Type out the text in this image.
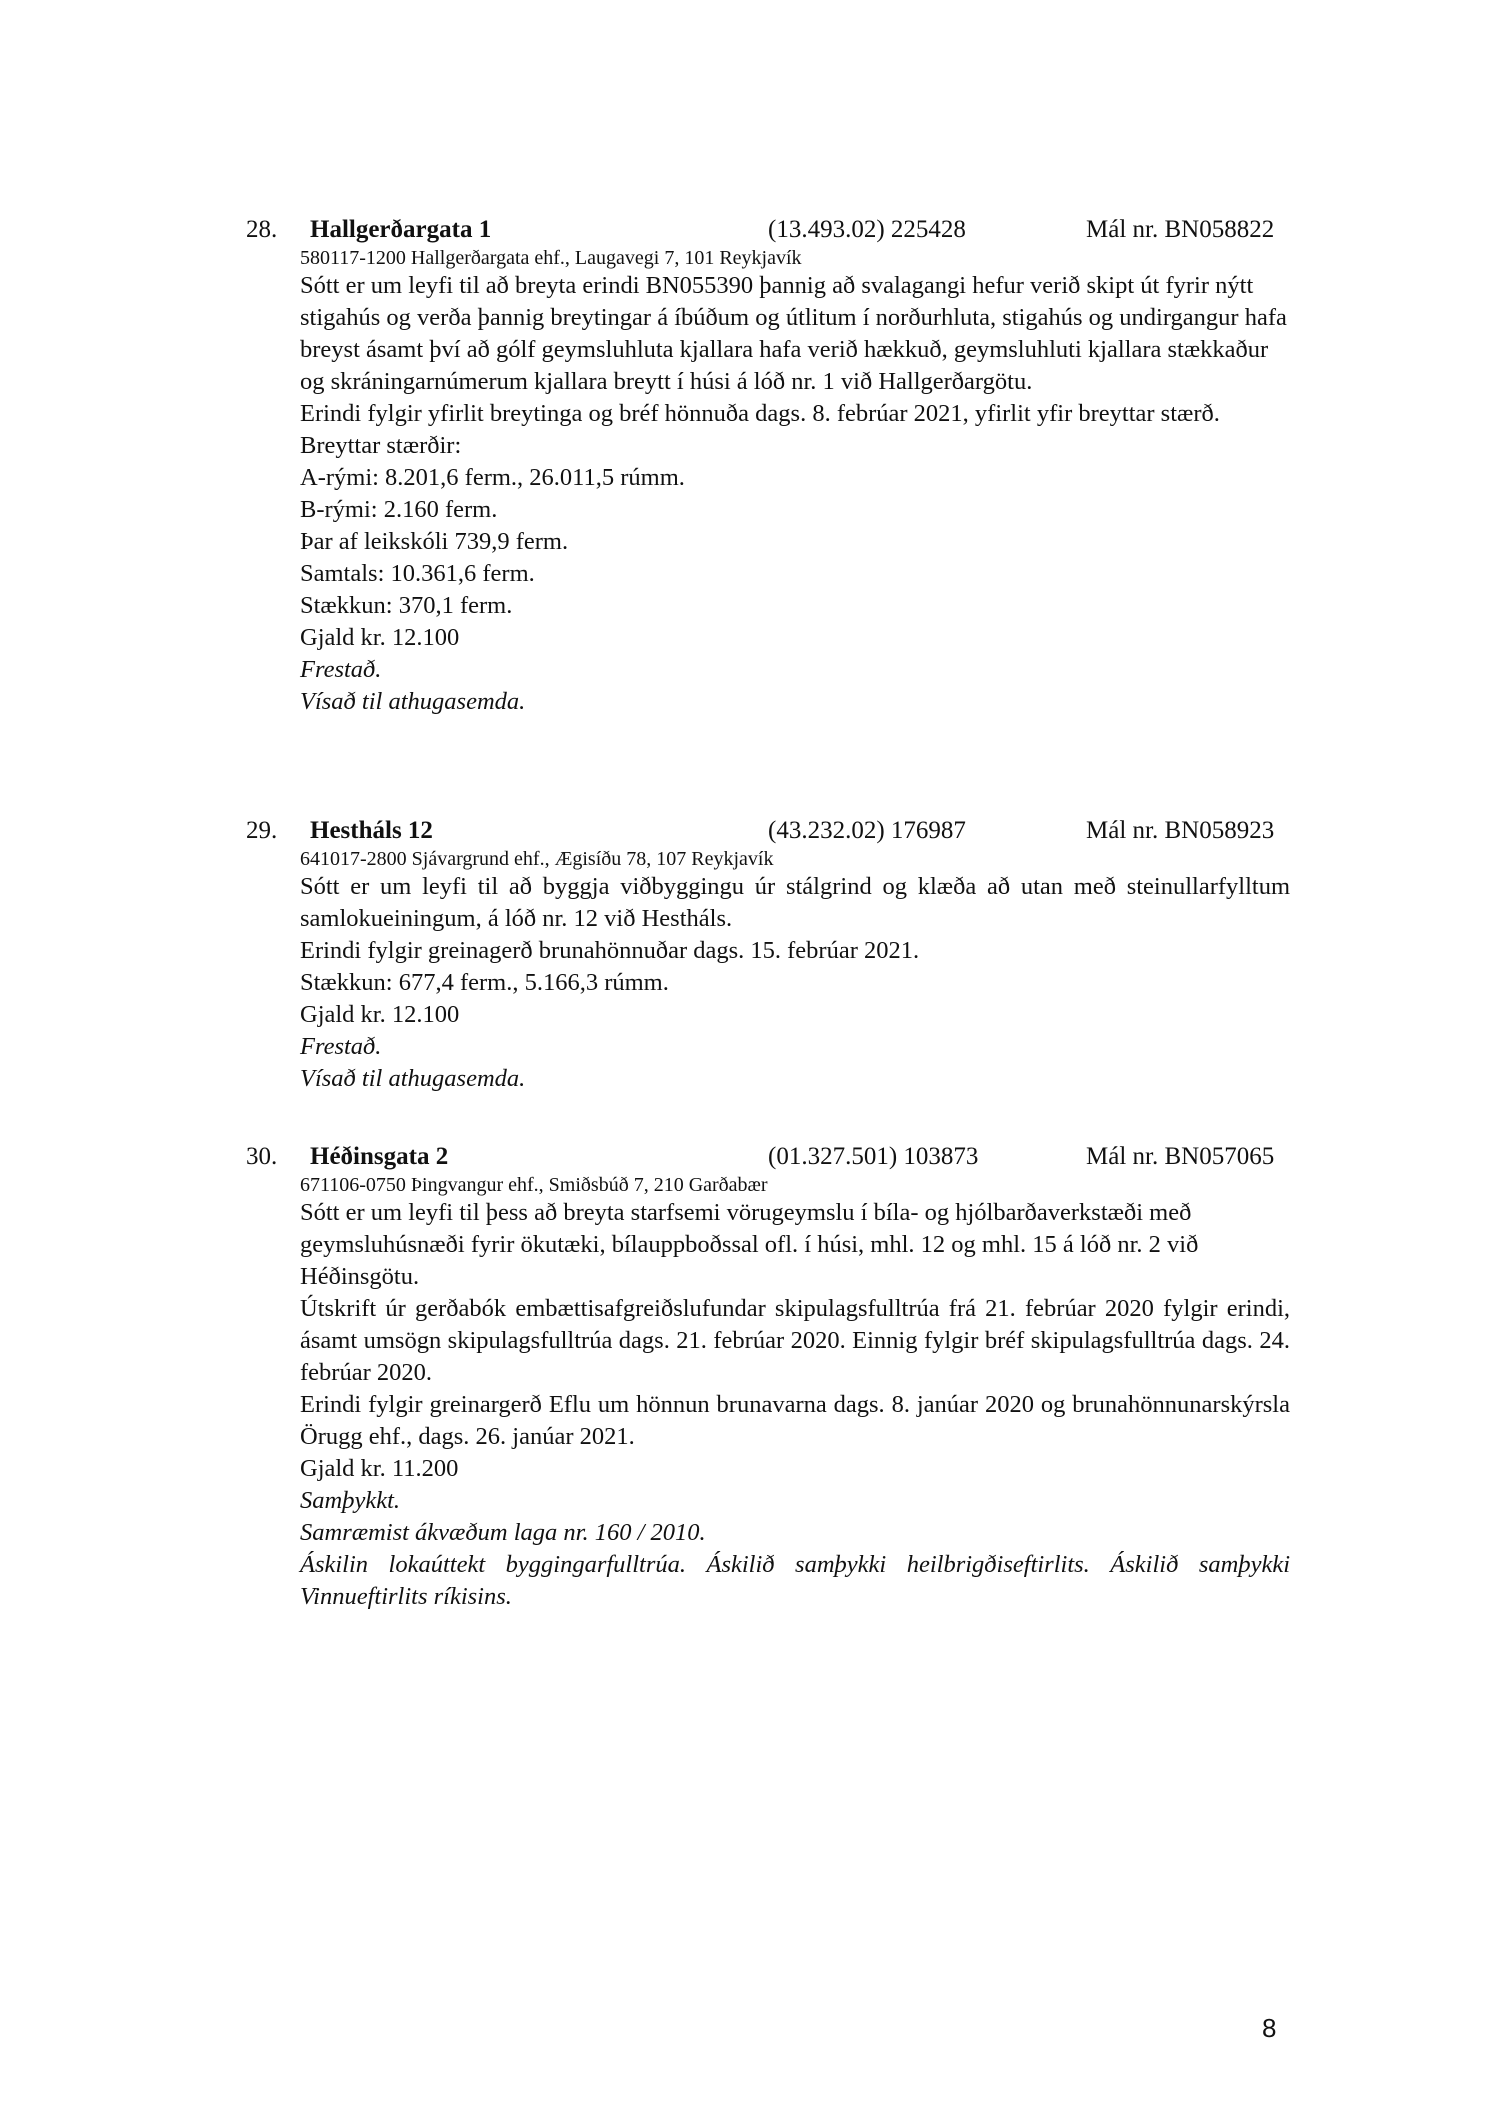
28. Hallgerðargata 1	(13.493.02) 225428	Mál nr. BN058822
580117-1200 Hallgerðargata ehf., Laugavegi 7, 101 Reykjavík

Sótt er um leyfi til að breyta erindi BN055390 þannig að svalagangi hefur verið skipt út fyrir nýtt stigahús og verða þannig breytingar á íbúðum og útlitum í norðurhluta, stigahús og undirgangur hafa breyst ásamt því að gólf geymsluhluta kjallara hafa verið hækkuð, geymsluhluti kjallara stækkaður og skráningarnúmerum kjallara breytt í húsi á lóð nr. 1 við Hallgerðargötu.

Erindi fylgir yfirlit breytinga og bréf hönnuða dags. 8. febrúar 2021, yfirlit yfir breyttar stærð.

Breyttar stærðir:
A-rými: 8.201,6 ferm., 26.011,5 rúmm.
B-rými: 2.160 ferm.
Þar af leikskóli 739,9 ferm.
Samtals: 10.361,6 ferm.
Stækkun: 370,1 ferm.
Gjald kr. 12.100
Frestað.
Vísað til athugasemda.
29. Hestháls 12	(43.232.02) 176987	Mál nr. BN058923
641017-2800 Sjávargrund ehf., Ægisíðu 78, 107 Reykjavík

Sótt er um leyfi til að byggja viðbyggingu úr stálgrind og klæða að utan með steinullarfylltum samlokueiningum, á lóð nr. 12 við Hestháls.

Erindi fylgir greinagerð brunahönnuðar dags. 15. febrúar 2021.

Stækkun: 677,4 ferm., 5.166,3 rúmm.
Gjald kr. 12.100
Frestað.
Vísað til athugasemda.
30. Héðinsgata 2	(01.327.501) 103873	Mál nr. BN057065
671106-0750 Þingvangur ehf., Smiðsbúð 7, 210 Garðabær

Sótt er um leyfi til þess að breyta starfsemi vörugeymslu í bíla- og hjólbarðaverkstæði með geymsluhúsnæði fyrir ökutæki, bílauppboðssal ofl. í húsi, mhl. 12 og mhl. 15 á lóð nr. 2 við Héðinsgötu.

Útskrift úr gerðabók embættisafgreiðslufundar skipulagsfulltrúa frá 21. febrúar 2020 fylgir erindi, ásamt umsögn skipulagsfulltrúa dags. 21. febrúar 2020. Einnig fylgir bréf skipulagsfulltrúa dags. 24. febrúar 2020.

Erindi fylgir greinargerð Eflu um hönnun brunavarna dags. 8. janúar 2020 og brunahönnunarskýrsla Örugg ehf., dags. 26. janúar 2021.

Gjald kr. 11.200
Samþykkt.
Samræmist ákvæðum laga nr. 160 / 2010.

Áskilin lokaúttekt byggingarfulltrúa. Áskilið samþykki heilbrigðiseftirlits. Áskilið samþykki Vinnueftirlits ríkisins.

8
